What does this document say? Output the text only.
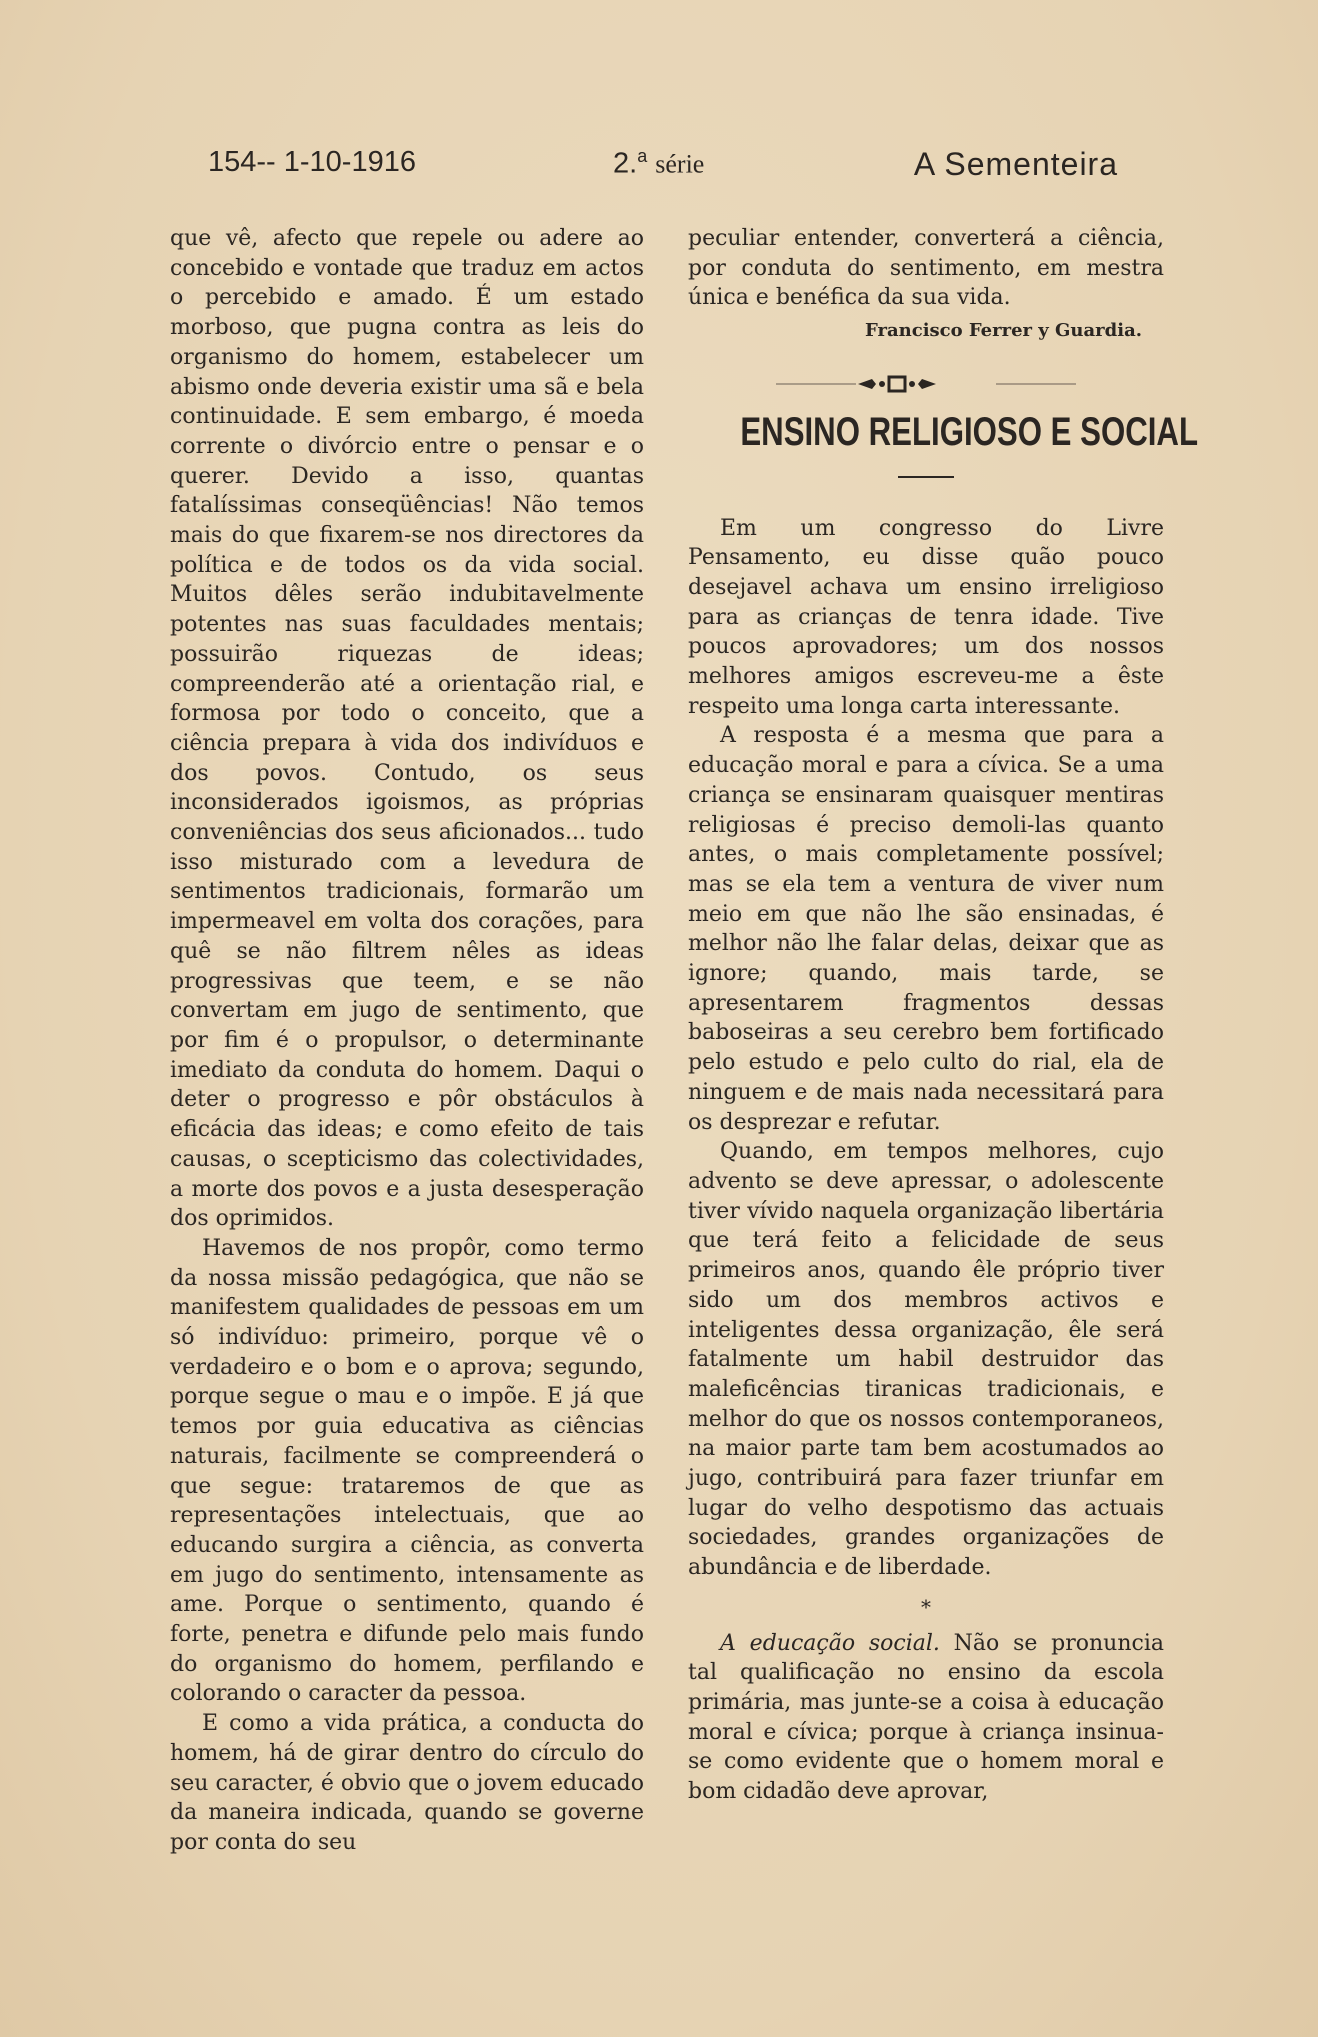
154-- 1-10-1916	2.$^a$ série	A Sementeira

que vê, afecto que repele ou adere ao concebido e vontade que traduz em actos o percebido e amado. É um estado morboso, que pugna contra as leis do organismo do homem, estabelecer um abismo onde deveria existir uma sã e bela continuidade. E sem embargo, é moeda corrente o divórcio entre o pensar e o querer. Devido a isso, quantas fatalíssimas conseqüências! Não temos mais do que fixarem-se nos directores da política e de todos os da vida social. Muitos dêles serão indubitavelmente potentes nas suas faculdades mentais; possuirão riquezas de ideas; compreenderão até a orientação rial, e formosa por todo o conceito, que a ciência prepara à vida dos indivíduos e dos povos. Contudo, os seus inconsiderados igoismos, as próprias conveniências dos seus aficionados... tudo isso misturado com a levedura de sentimentos tradicionais, formarão um impermeavel em volta dos corações, para quê se não filtrem nêles as ideas progressivas que teem, e se não convertam em jugo de sentimento, que por fim é o propulsor, o determinante imediato da conduta do homem. Daqui o deter o progresso e pôr obstáculos à eficácia das ideas; e como efeito de tais causas, o scepticismo das colectividades, a morte dos povos e a justa desesperação dos oprimidos.

Havemos de nos propôr, como termo da nossa missão pedagógica, que não se manifestem qualidades de pessoas em um só indivíduo: primeiro, porque vê o verdadeiro e o bom e o aprova; segundo, porque segue o mau e o impõe. E já que temos por guia educativa as ciências naturais, facilmente se compreenderá o que segue: trataremos de que as representações intelectuais, que ao educando surgira a ciência, as converta em jugo do sentimento, intensamente as ame. Porque o sentimento, quando é forte, penetra e difunde pelo mais fundo do organismo do homem, perfilando e colorando o caracter da pessoa.

E como a vida prática, a conducta do homem, há de girar dentro do círculo do seu caracter, é obvio que o jovem educado da maneira indicada, quando se governe por conta do seu

peculiar entender, converterá a ciência, por conduta do sentimento, em mestra única e benéfica da sua vida.

Francisco Ferrer y Guardia.
ENSINO RELIGIOSO E SOCIAL

Em um congresso do Livre Pensamento, eu disse quão pouco desejavel achava um ensino irreligioso para as crianças de tenra idade. Tive poucos aprovadores; um dos nossos melhores amigos escreveu-me a êste respeito uma longa carta interessante.

A resposta é a mesma que para a educação moral e para a cívica. Se a uma criança se ensinaram quaisquer mentiras religiosas é preciso demoli-las quanto antes, o mais completamente possível; mas se ela tem a ventura de viver num meio em que não lhe são ensinadas, é melhor não lhe falar delas, deixar que as ignore; quando, mais tarde, se apresentarem fragmentos dessas baboseiras a seu cerebro bem fortificado pelo estudo e pelo culto do rial, ela de ninguem e de mais nada necessitará para os desprezar e refutar.

Quando, em tempos melhores, cujo advento se deve apressar, o adolescente tiver vívido naquela organização libertária que terá feito a felicidade de seus primeiros anos, quando êle próprio tiver sido um dos membros activos e inteligentes dessa organização, êle será fatalmente um habil destruidor das maleficências tiranicas tradicionais, e melhor do que os nossos contemporaneos, na maior parte tam bem acostumados ao jugo, contribuirá para fazer triunfar em lugar do velho despotismo das actuais sociedades, grandes organizações de abundância e de liberdade.

*

A educação social. Não se pronuncia tal qualificação no ensino da escola primária, mas junte-se a coisa à educação moral e cívica; porque à criança insinua-se como evidente que o homem moral e bom cidadão deve aprovar,
